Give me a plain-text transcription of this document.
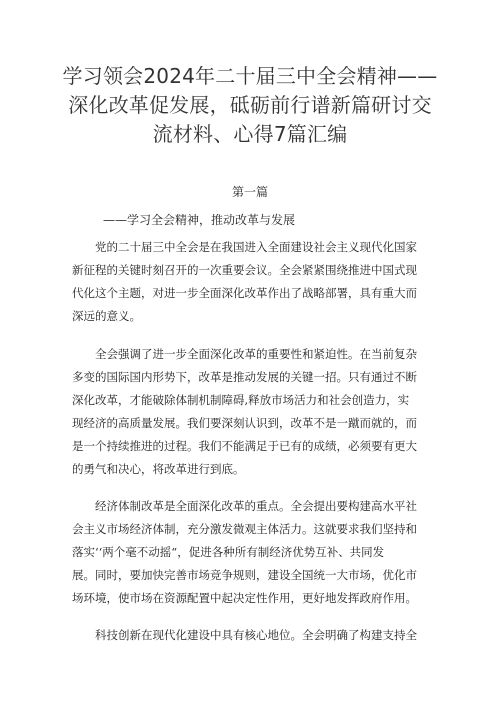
学习领会2024年二十届三中全会精神——
深化改革促发展，砥砺前行谱新篇研讨交
流材料、心得7篇汇编
第一篇
——学习全会精神，推动改革与发展
党的二十届三中全会是在我国进入全面建设社会主义现代化国家
新征程的关键时刻召开的一次重要会议。全会紧紧围绕推进中国式现
代化这个主题，对进一步全面深化改革作出了战略部署，具有重大而
深远的意义。
全会强调了进一步全面深化改革的重要性和紧迫性。在当前复杂
多变的国际国内形势下，改革是推动发展的关键一招。只有通过不断
深化改革，才能破除体制机制障碍,释放市场活力和社会创造力，实
现经济的高质量发展。我们要深刻认识到，改革不是一蹴而就的，而
是一个持续推进的过程。我们不能满足于已有的成绩，必须要有更大
的勇气和决心，将改革进行到底。
经济体制改革是全面深化改革的重点。全会提出要构建高水平社
会主义市场经济体制，充分激发微观主体活力。这就要求我们坚持和
落实‘‘两个毫不动摇“，促进各种所有制经济优势互补、共同发
展。同时，要加快完善市场竞争规则，建设全国统一大市场，优化市
场环境，使市场在资源配置中起决定性作用，更好地发挥政府作用。
科技创新在现代化建设中具有核心地位。全会明确了构建支持全
